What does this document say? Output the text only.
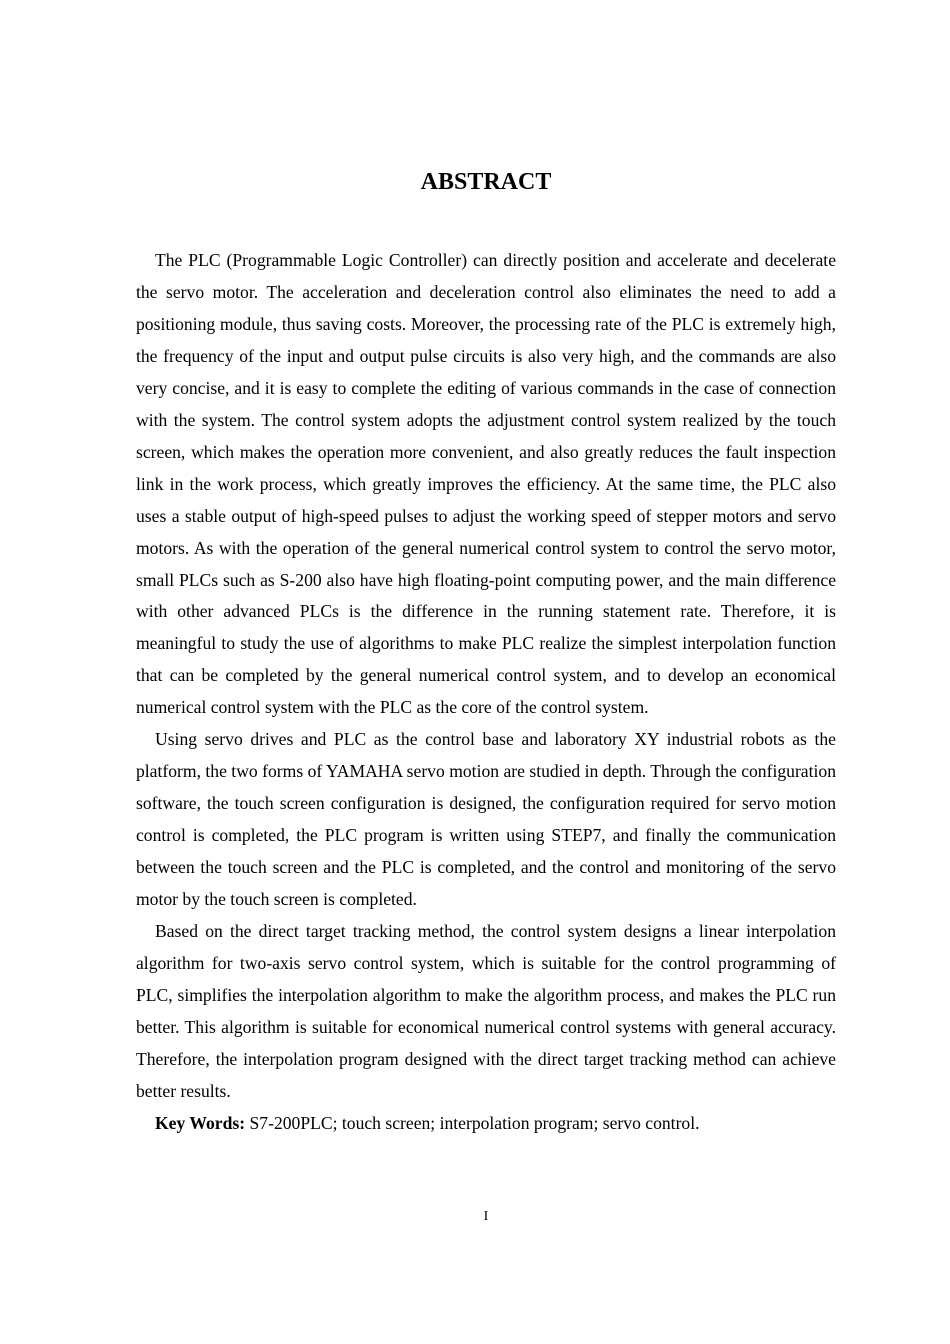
ABSTRACT

The PLC (Programmable Logic Controller) can directly position and accelerate and decelerate the servo motor. The acceleration and deceleration control also eliminates the need to add a positioning module, thus saving costs. Moreover, the processing rate of the PLC is extremely high, the frequency of the input and output pulse circuits is also very high, and the commands are also very concise, and it is easy to complete the editing of various commands in the case of connection with the system. The control system adopts the adjustment control system realized by the touch screen, which makes the operation more convenient, and also greatly reduces the fault inspection link in the work process, which greatly improves the efficiency. At the same time, the PLC also uses a stable output of high-speed pulses to adjust the working speed of stepper motors and servo motors. As with the operation of the general numerical control system to control the servo motor, small PLCs such as S-200 also have high floating-point computing power, and the main difference with other advanced PLCs is the difference in the running statement rate. Therefore, it is meaningful to study the use of algorithms to make PLC realize the simplest interpolation function that can be completed by the general numerical control system, and to develop an economical numerical control system with the PLC as the core of the control system.

Using servo drives and PLC as the control base and laboratory XY industrial robots as the platform, the two forms of YAMAHA servo motion are studied in depth. Through the configuration software, the touch screen configuration is designed, the configuration required for servo motion control is completed, the PLC program is written using STEP7, and finally the communication between the touch screen and the PLC is completed, and the control and monitoring of the servo motor by the touch screen is completed.

Based on the direct target tracking method, the control system designs a linear interpolation algorithm for two-axis servo control system, which is suitable for the control programming of PLC, simplifies the interpolation algorithm to make the algorithm process, and makes the PLC run better. This algorithm is suitable for economical numerical control systems with general accuracy. Therefore, the interpolation program designed with the direct target tracking method can achieve better results.

Key Words: S7-200PLC; touch screen; interpolation program; servo control.

I
